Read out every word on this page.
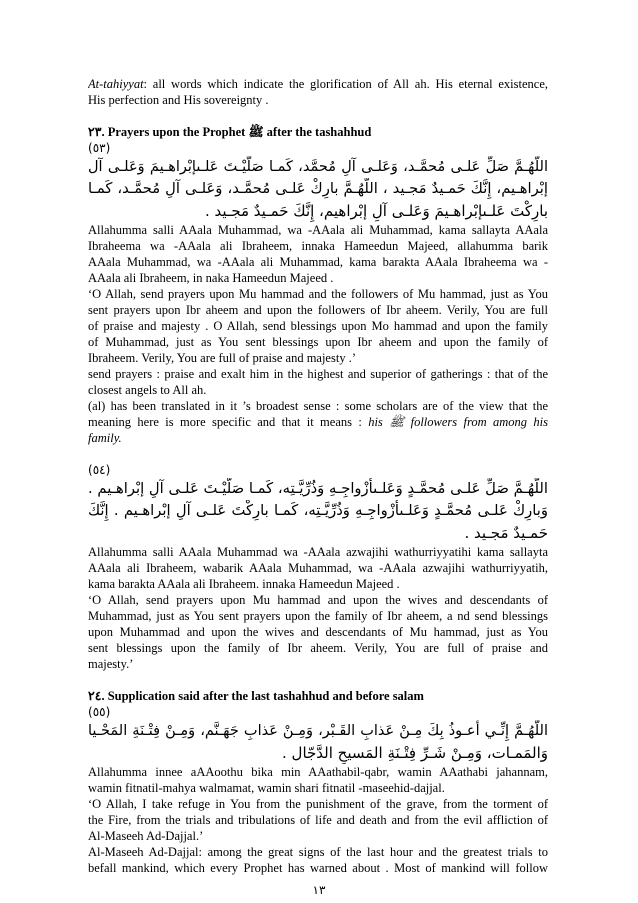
At-tahiyyat: all words which indicate the glorification of All ah. His eternal existence,
His perfection and His sovereignty .
٢٣. Prayers upon the Prophet ﷺ after the tashahhud
(٥٣)
اللّهُـمَّ صَلِّ عَلـى مُحمَّـد، وَعَلـى آلِ مُحمَّد، كَمـا صَلّيْـتَ عَلـىإبْراهـيمَ وَعَلـى آل
إبْراهـيم، إِنَّكَ حَمـيدٌ مَجـيد ، اللّهُـمَّ بارِكْ عَلـى مُحمَّـد، وَعَلـى آلِ مُحمَّـد، كَمـا
بارِكْتَ عَلـىإبْراهـيمَ وَعَلـى آلِ إبْراهيم، إِنَّكَ حَمـيدٌ مَجـيد .
Allahumma salli AAala Muhammad, wa -AAala ali Muhammad, kama sallayta AAala
Ibraheema wa -AAala ali Ibraheem, innaka Hameedun Majeed, allahumma barik
AAala Muhammad, wa -AAala ali Muhammad, kama barakta AAala Ibraheema wa -
AAala ali Ibraheem, in naka Hameedun Majeed .
‘O Allah, send prayers upon Mu hammad and the followers of Mu hammad, just as You
sent prayers upon Ibr aheem and upon the followers of Ibr aheem. Verily, You are full
of praise and majesty . O Allah, send blessings upon Mo hammad and upon the family
of Muhammad, just as You sent blessings upon Ibr aheem and upon the family of
Ibraheem. Verily, You are full of praise and majesty .’
send prayers : praise and exalt him in the highest and superior of gatherings : that of the
closest angels to All ah.
(al) has been translated in it ’s broadest sense : some scholars are of the view that the
meaning here is more specific and that it means : his ﷺ followers from among his
family.
(٥٤)
اللّهُـمَّ صَلِّ عَلـى مُحمَّـدٍ وَعَلـىأَزْواجِـهِ وَذُرِّيَّـتِه، كَمـا صَلّيْـتَ عَلـى آلِ إبْراهـيم .
وَبارِكْ عَلـى مُحمَّـدٍ وَعَلـىأَزْواجِـهِ وَذُرِّيَّـتِه، كَمـا بارِكْتَ عَلـى آلِ إبْراهـيم . إِنَّكَ
حَمـيدٌ مَجـيد .
Allahumma salli AAala Muhammad wa -AAala azwajihi wathurriyyatihi kama sallayta
AAala ali Ibraheem, wabarik AAala Muhammad, wa -AAala azwajihi wathurriyyatih,
kama barakta AAala ali Ibraheem. innaka Hameedun Majeed .
‘O Allah, send prayers upon Mu hammad and upon the wives and descendants of
Muhammad, just as You sent prayers upon the family of Ibr aheem, a nd send blessings
upon Muhammad and upon the wives and descendants of Mu hammad, just as You
sent blessings upon the family of Ibr aheem. Verily, You are full of praise and
majesty.’
٢٤. Supplication said after the last tashahhud and before salam
(٥٥)
اللّهُـمَّ إِنِّـي أَعـوذُ بِكَ مِـنْ عَذابِ القَـبْر، وَمِـنْ عَذابِ جَهَـنَّم، وَمِـنْ فِتْـنَةِ المَحْـيا
وَالمَمـات، وَمِـنْ شَـرِّ فِتْـنَةِ المَسيحِ الدَّجّال .
Allahumma innee aAAoothu bika min AAathabil-qabr, wamin AAathabi jahannam,
wamin fitnatil-mahya walmamat, wamin shari fitnatil -maseehid-dajjal.
‘O Allah, I take refuge in You from the punishment of the grave, from the torment of
the Fire, from the trials and tribulations of life and death and from the evil affliction of
Al-Maseeh Ad-Dajjal.’
Al-Maseeh Ad-Dajjal: among the great signs of the last hour and the greatest trials to
befall mankind, which every Prophet has warned about . Most of mankind will follow
١٣
